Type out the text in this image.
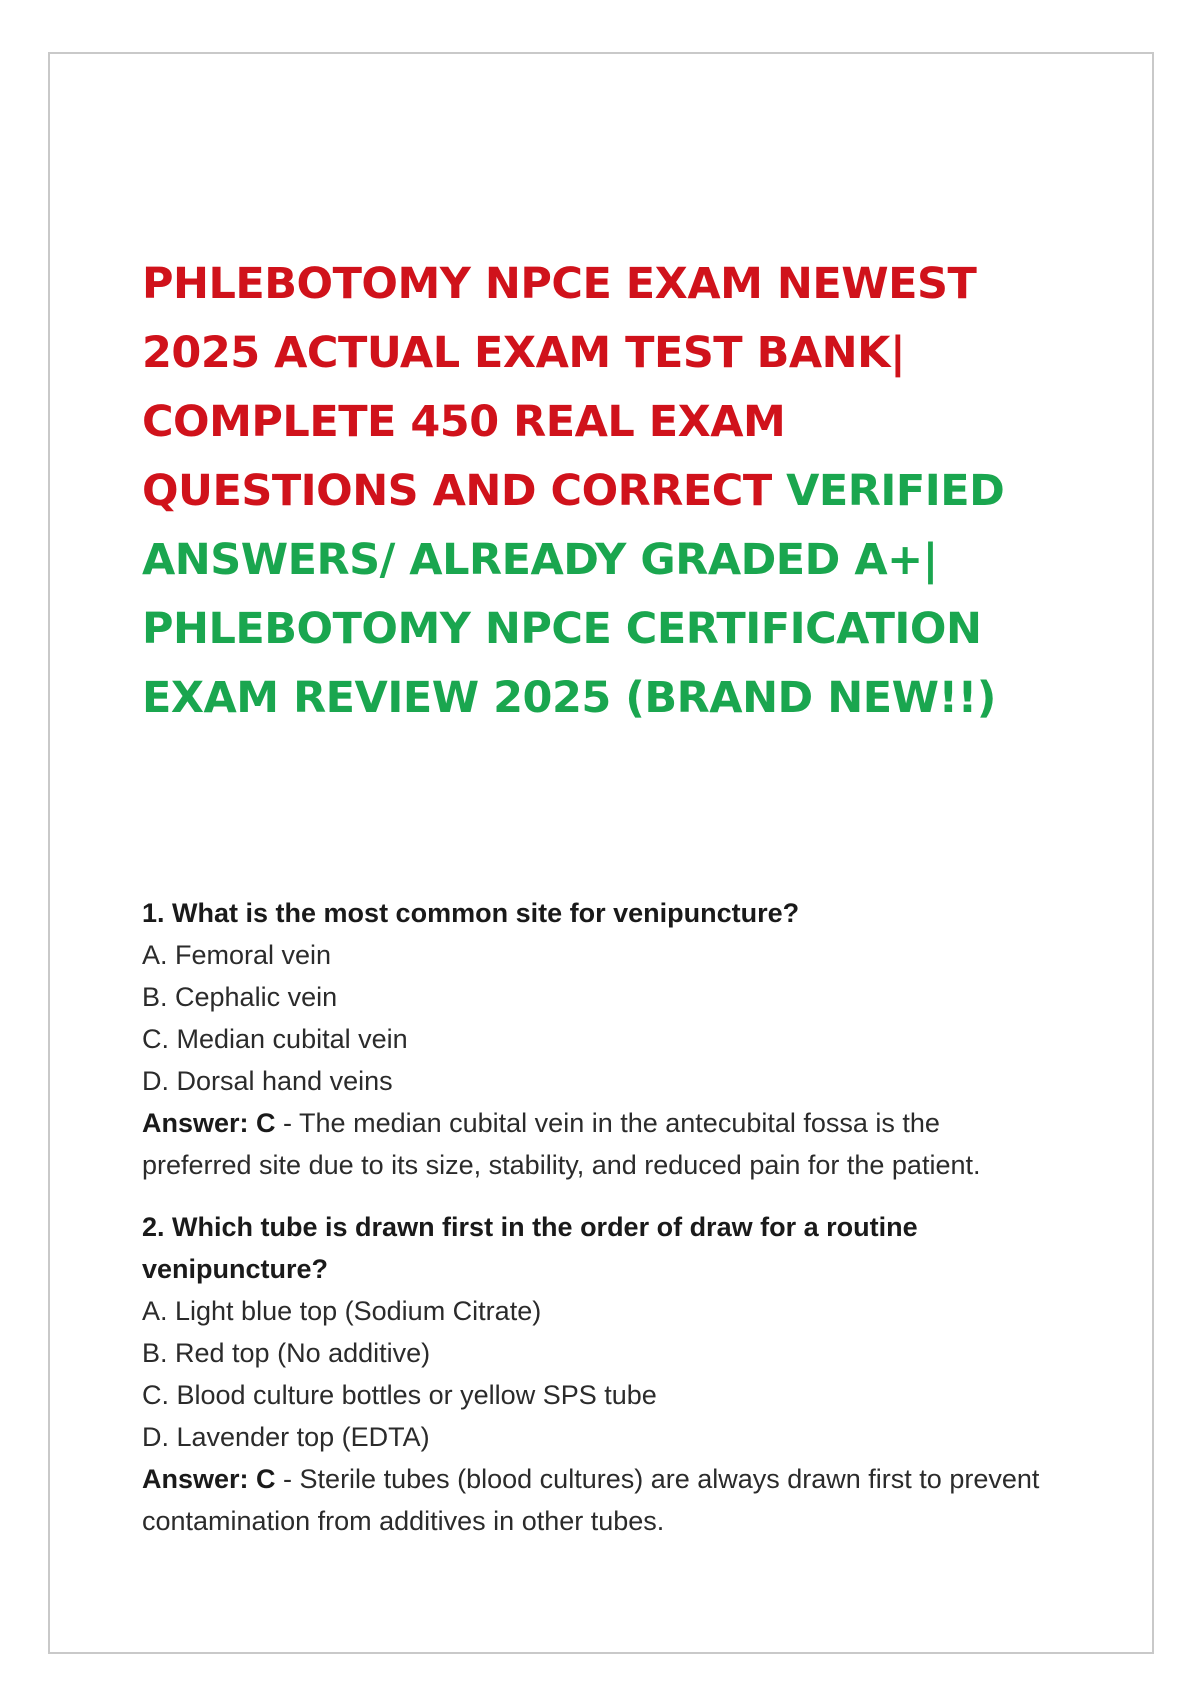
PHLEBOTOMY NPCE EXAM NEWEST 2025 ACTUAL EXAM TEST BANK| COMPLETE 450 REAL EXAM QUESTIONS AND CORRECT VERIFIED ANSWERS/ ALREADY GRADED A+| PHLEBOTOMY NPCE CERTIFICATION EXAM REVIEW 2025 (BRAND NEW!!)
1. What is the most common site for venipuncture?
A. Femoral vein
B. Cephalic vein
C. Median cubital vein
D. Dorsal hand veins
Answer: C - The median cubital vein in the antecubital fossa is the preferred site due to its size, stability, and reduced pain for the patient.
2. Which tube is drawn first in the order of draw for a routine venipuncture?
A. Light blue top (Sodium Citrate)
B. Red top (No additive)
C. Blood culture bottles or yellow SPS tube
D. Lavender top (EDTA)
Answer: C - Sterile tubes (blood cultures) are always drawn first to prevent contamination from additives in other tubes.
